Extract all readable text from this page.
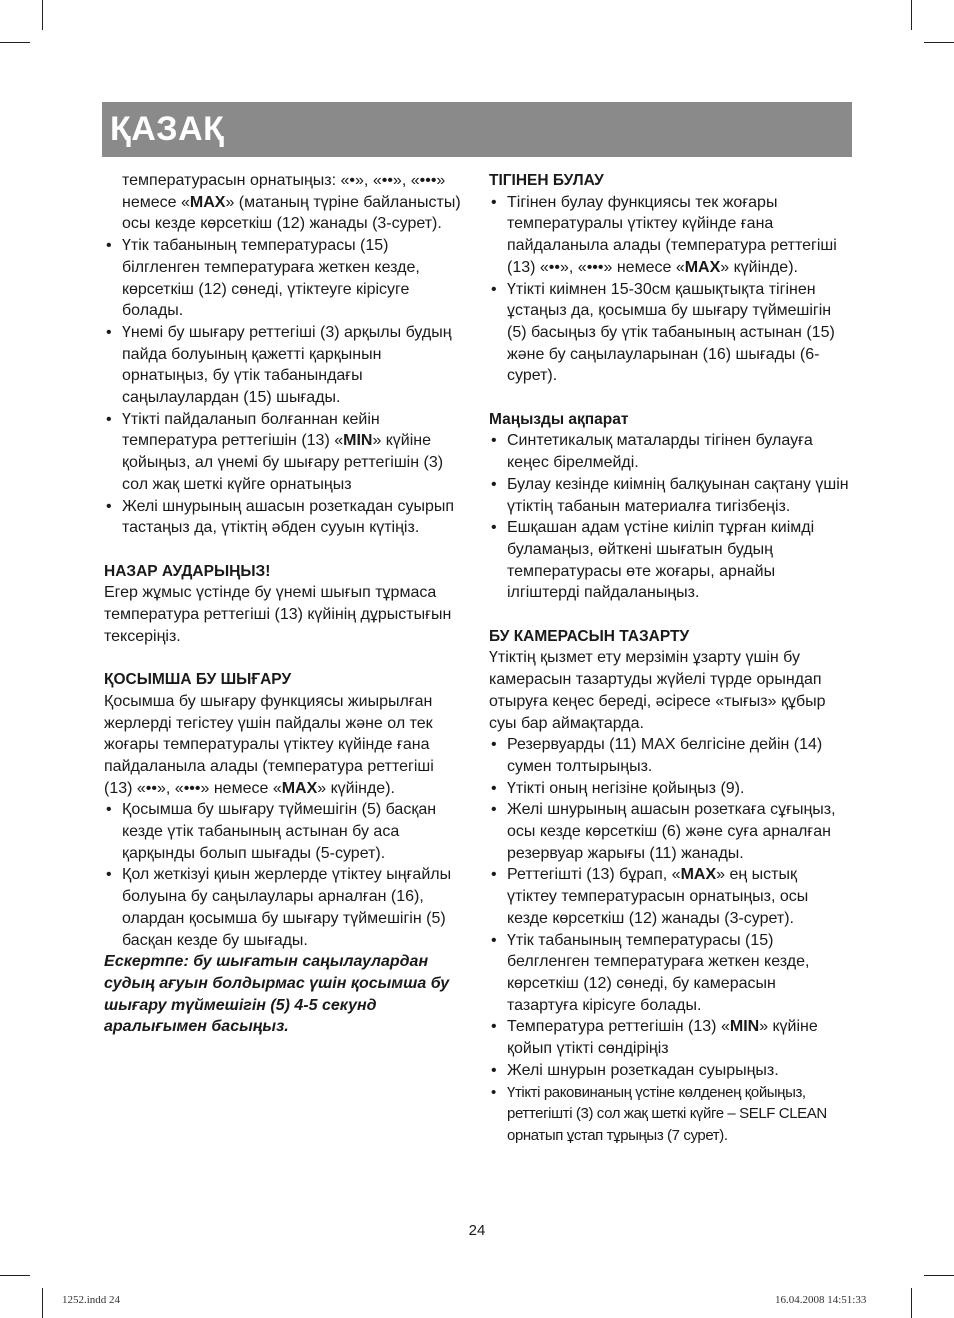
ҚАЗАҚ

температурасын орнатыңыз: «•», «••», «•••» немесе «MAX» (матаның түріне байланысты) осы кезде көрсеткіш (12) жанады (3-сурет).

• Үтік табанының температурасы (15) білгленген температураға жеткен кезде, көрсеткіш (12) сөнеді, үтіктеуге кірісуге болады.
• Үнемі бу шығару реттегіші (3) арқылы будың пайда болуының қажетті қарқынын орнатыңыз, бу үтік табанындағы саңылаулардан (15) шығады.
• Үтікті пайдаланып болғаннан кейін температура реттегішін (13) «MIN» күйіне қойыңыз, ал үнемі бу шығару реттегішін (3) сол жақ шеткі күйге орнатыңыз
• Желі шнурының ашасын розеткадан суырып тастаңыз да, үтіктің әбден сууын күтіңіз.

НАЗАР АУДАРЫҢЫЗ!

Егер жұмыс үстінде бу үнемі шығып тұрмаса температура реттегіші (13) күйінің дұрыстығын тексеріңіз.

ҚОСЫМША БУ ШЫҒАРУ

Қосымша бу шығару функциясы жиырылған жерлерді тегістеу үшін пайдалы және ол тек жоғары температуралы үтіктеу күйінде ғана пайдаланыла алады (температура реттегіші (13) «••», «•••» немесе «MAX» күйінде).

• Қосымша бу шығару түймешігін (5) басқан кезде үтік табанының астынан бу аса қарқынды болып шығады (5-сурет).
• Қол жеткізуі қиын жерлерде үтіктеу ыңғайлы болуына бу саңылаулары арналған (16), олардан қосымша бу шығару түймешігін (5) басқан кезде бу шығады.

Ескертпе: бу шығатын саңылаулардан судың ағуын болдырмас үшін қосымша бу шығару түймешігін (5) 4-5 секунд аралығымен басыңыз.

ТІГІНЕН БУЛАУ

• Тігінен булау функциясы тек жоғары температуралы үтіктеу күйінде ғана пайдаланыла алады (температура реттегіші (13) «••», «•••» немесе «MAX» күйінде).
• Үтікті киімнен 15-30см қашықтықта тігінен ұстаңыз да, қосымша бу шығару түймешігін (5) басыңыз бу үтік табанының астынан (15) және бу саңылауларынан (16) шығады (6-сурет).

Маңызды ақпарат

• Синтетикалық маталарды тігінен булауға кеңес бірелмейді.
• Булау кезінде киімнің балқуынан сақтану үшін үтіктің табанын материалға тигізбеңіз.
• Ешқашан адам үстіне киіліп тұрған киімді буламаңыз, өйткені шығатын будың температурасы өте жоғары, арнайы ілгіштерді пайдаланыңыз.

БУ КАМЕРАСЫН ТАЗАРТУ

Үтіктің қызмет ету мерзімін ұзарту үшін бу камерасын тазартуды жүйелі түрде орындап отыруға кеңес береді, әсіресе «тығыз» құбыр суы бар аймақтарда.

• Резервуарды (11) MAX белгісіне дейін (14) сумен толтырыңыз.
• Үтікті оның негізіне қойыңыз (9).
• Желі шнурының ашасын розеткаға сұғыңыз, осы кезде көрсеткіш (6) және суға арналған резервуар жарығы (11) жанады.
• Реттегішті (13) бұрап, «MAX» ең ыстық үтіктеу температурасын орнатыңыз, осы кезде көрсеткіш (12) жанады (3-сурет).
• Үтік табанының температурасы (15) белгленген температураға жеткен кезде, көрсеткіш (12) сөнеді, бу камерасын тазартуға кірісуге болады.
• Температура реттегішін (13) «MIN» күйіне қойып үтікті сөндіріңіз
• Желі шнурын розеткадан суырыңыз.
• Үтікті раковинаның үстіне көлденең қойыңыз, реттегішті (3) сол жақ шеткі күйге – SELF CLEAN орнатып ұстап тұрыңыз (7 сурет).
24
1252.indd 24	16.04.2008 14:51:33
